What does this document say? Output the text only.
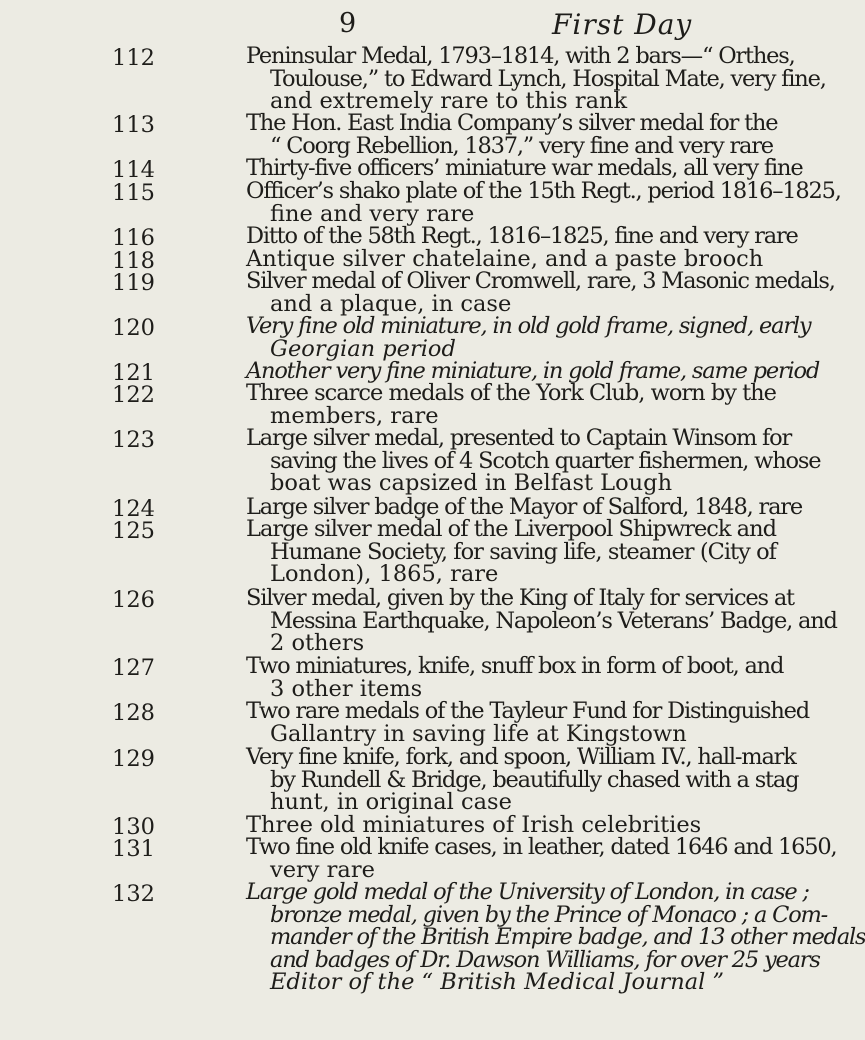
9	First Day
112	Peninsular Medal, 1793–1814, with 2 bars—“ Orthes,
Toulouse,” to Edward Lynch, Hospital Mate, very fine,
and extremely rare to this rank
113	The Hon. East India Company’s silver medal for the
“ Coorg Rebellion, 1837,” very fine and very rare
114	Thirty-five officers’ miniature war medals, all very fine
115	Officer’s shako plate of the 15th Regt., period 1816–1825,
fine and very rare
116	Ditto of the 58th Regt., 1816–1825, fine and very rare
118	Antique silver chatelaine, and a paste brooch
119	Silver medal of Oliver Cromwell, rare, 3 Masonic medals,
and a plaque, in case
120	Very fine old miniature, in old gold frame, signed, early
Georgian period
121	Another very fine miniature, in gold frame, same period
122	Three scarce medals of the York Club, worn by the
members, rare
123	Large silver medal, presented to Captain Winsom for
saving the lives of 4 Scotch quarter fishermen, whose
boat was capsized in Belfast Lough
124	Large silver badge of the Mayor of Salford, 1848, rare
125	Large silver medal of the Liverpool Shipwreck and
Humane Society, for saving life, steamer (City of
London), 1865, rare
126	Silver medal, given by the King of Italy for services at
Messina Earthquake, Napoleon’s Veterans’ Badge, and
2 others
127	Two miniatures, knife, snuff box in form of boot, and
3 other items
128	Two rare medals of the Tayleur Fund for Distinguished
Gallantry in saving life at Kingstown
129	Very fine knife, fork, and spoon, William IV., hall-mark
by Rundell & Bridge, beautifully chased with a stag
hunt, in original case
130	Three old miniatures of Irish celebrities
131	Two fine old knife cases, in leather, dated 1646 and 1650,
very rare
132	Large gold medal of the University of London, in case ;
bronze medal, given by the Prince of Monaco ; a Com-
mander of the British Empire badge, and 13 other medals
and badges of Dr. Dawson Williams, for over 25 years
Editor of the “ British Medical Journal ”
